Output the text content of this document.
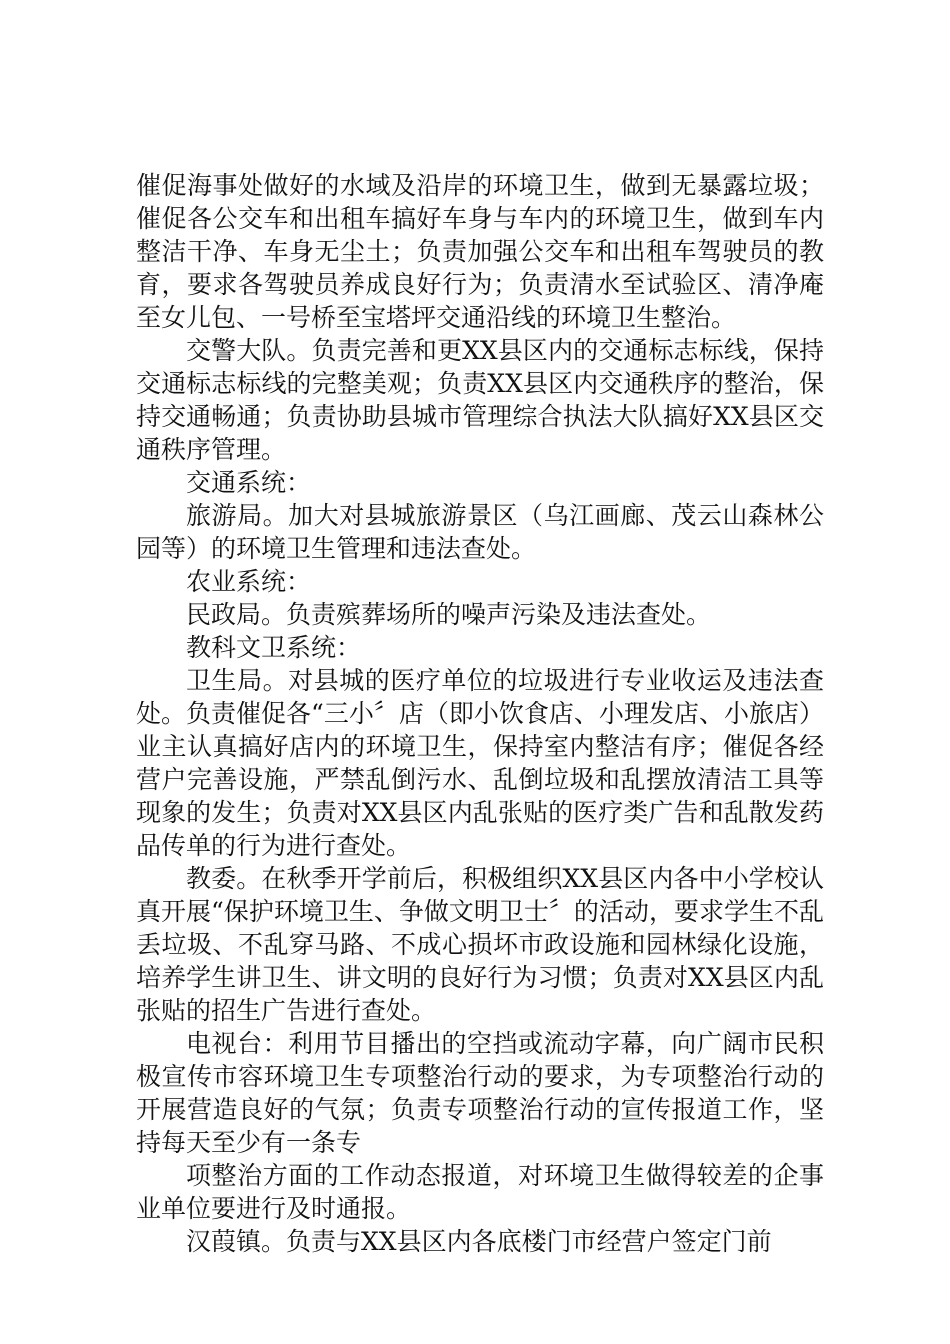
催促海事处做好的水域及沿岸的环境卫生，做到无暴露垃圾；催促各公交车和出租车搞好车身与车内的环境卫生，做到车内整洁干净、车身无尘土；负责加强公交车和出租车驾驶员的教育，要求各驾驶员养成良好行为；负责清水至试验区、清净庵至女儿包、一号桥至宝塔坪交通沿线的环境卫生整治。

交警大队。负责完善和更XX县区内的交通标志标线，保持交通标志标线的完整美观；负责XX县区内交通秩序的整治，保持交通畅通；负责协助县城市管理综合执法大队搞好XX县区交通秩序管理。

交通系统：

旅游局。加大对县城旅游景区（乌江画廊、茂云山森林公园等）的环境卫生管理和违法查处。

农业系统：

民政局。负责殡葬场所的噪声污染及违法查处。

教科文卫系统：

卫生局。对县城的医疗单位的垃圾进行专业收运及违法查处。负责催促各“三小〞店（即小饮食店、小理发店、小旅店）业主认真搞好店内的环境卫生，保持室内整洁有序；催促各经营户完善设施，严禁乱倒污水、乱倒垃圾和乱摆放清洁工具等现象的发生；负责对XX县区内乱张贴的医疗类广告和乱散发药品传单的行为进行查处。

教委。在秋季开学前后，积极组织XX县区内各中小学校认真开展“保护环境卫生、争做文明卫士〞的活动，要求学生不乱丢垃圾、不乱穿马路、不成心损坏市政设施和园林绿化设施，培养学生讲卫生、讲文明的良好行为习惯；负责对XX县区内乱张贴的招生广告进行查处。

电视台：利用节目播出的空挡或流动字幕，向广阔市民积极宣传市容环境卫生专项整治行动的要求，为专项整治行动的开展营造良好的气氛；负责专项整治行动的宣传报道工作，坚持每天至少有一条专

项整治方面的工作动态报道，对环境卫生做得较差的企事业单位要进行及时通报。

汉葭镇。负责与XX县区内各底楼门市经营户签定门前
